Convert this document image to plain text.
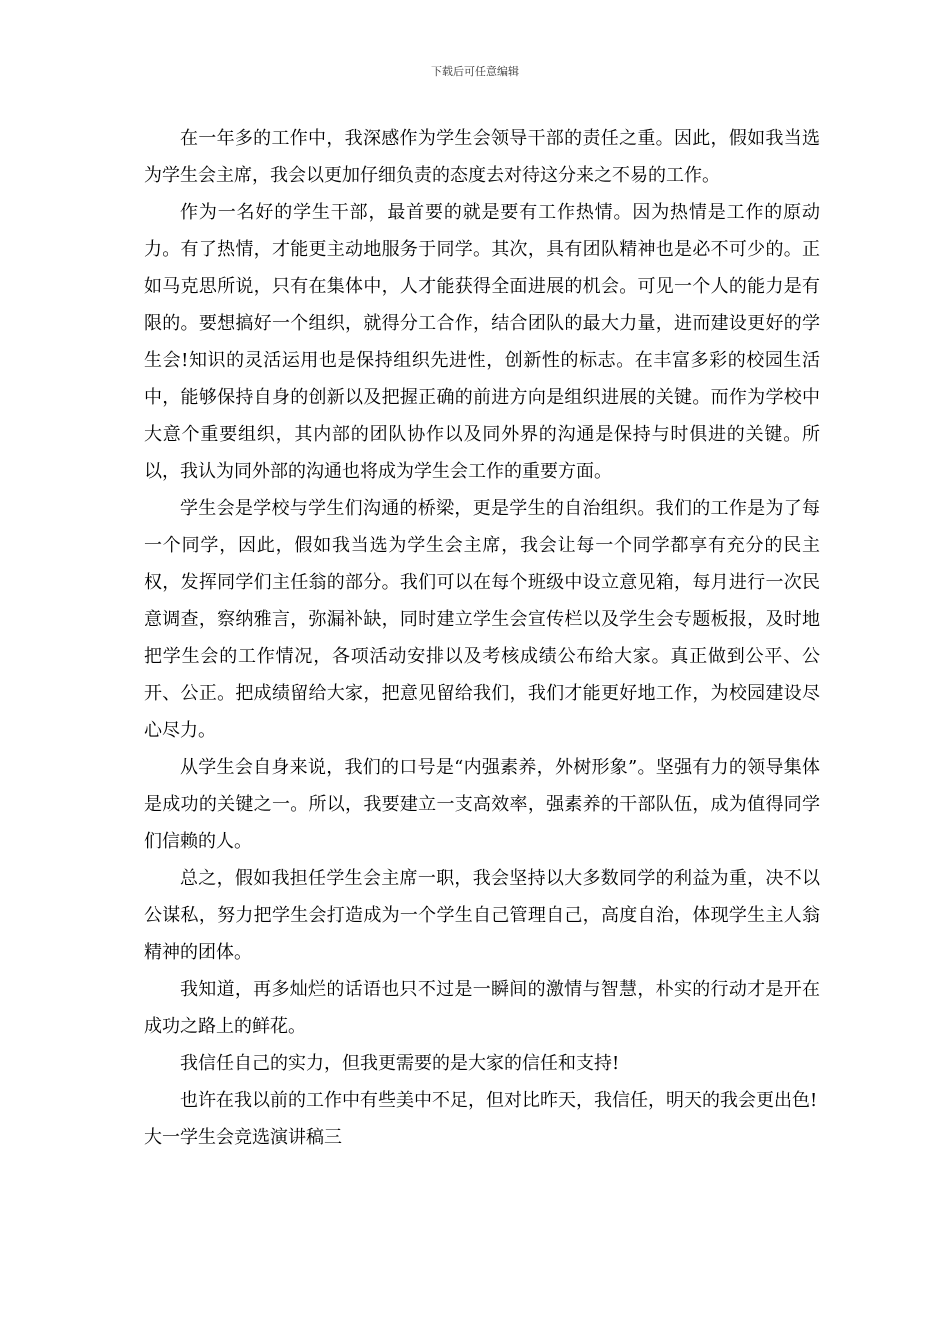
下载后可任意编辑

在一年多的工作中，我深感作为学生会领导干部的责任之重。因此，假如我当选为学生会主席，我会以更加仔细负责的态度去对待这分来之不易的工作。

作为一名好的学生干部，最首要的就是要有工作热情。因为热情是工作的原动力。有了热情，才能更主动地服务于同学。其次，具有团队精神也是必不可少的。正如马克思所说，只有在集体中，人才能获得全面进展的机会。可见一个人的能力是有限的。要想搞好一个组织，就得分工合作，结合团队的最大力量，进而建设更好的学生会!知识的灵活运用也是保持组织先进性，创新性的标志。在丰富多彩的校园生活中，能够保持自身的创新以及把握正确的前进方向是组织进展的关键。而作为学校中大意个重要组织，其内部的团队协作以及同外界的沟通是保持与时俱进的关键。所以，我认为同外部的沟通也将成为学生会工作的重要方面。

学生会是学校与学生们沟通的桥梁，更是学生的自治组织。我们的工作是为了每一个同学，因此，假如我当选为学生会主席，我会让每一个同学都享有充分的民主权，发挥同学们主任翁的部分。我们可以在每个班级中设立意见箱，每月进行一次民意调查，察纳雅言，弥漏补缺，同时建立学生会宣传栏以及学生会专题板报，及时地把学生会的工作情况，各项活动安排以及考核成绩公布给大家。真正做到公平、公开、公正。把成绩留给大家，把意见留给我们，我们才能更好地工作，为校园建设尽心尽力。

从学生会自身来说，我们的口号是“内强素养，外树形象”。坚强有力的领导集体是成功的关键之一。所以，我要建立一支高效率，强素养的干部队伍，成为值得同学们信赖的人。

总之，假如我担任学生会主席一职，我会坚持以大多数同学的利益为重，决不以公谋私，努力把学生会打造成为一个学生自己管理自己，高度自治，体现学生主人翁精神的团体。

我知道，再多灿烂的话语也只不过是一瞬间的激情与智慧，朴实的行动才是开在成功之路上的鲜花。

我信任自己的实力，但我更需要的是大家的信任和支持!

也许在我以前的工作中有些美中不足，但对比昨天，我信任，明天的我会更出色!

大一学生会竞选演讲稿三
